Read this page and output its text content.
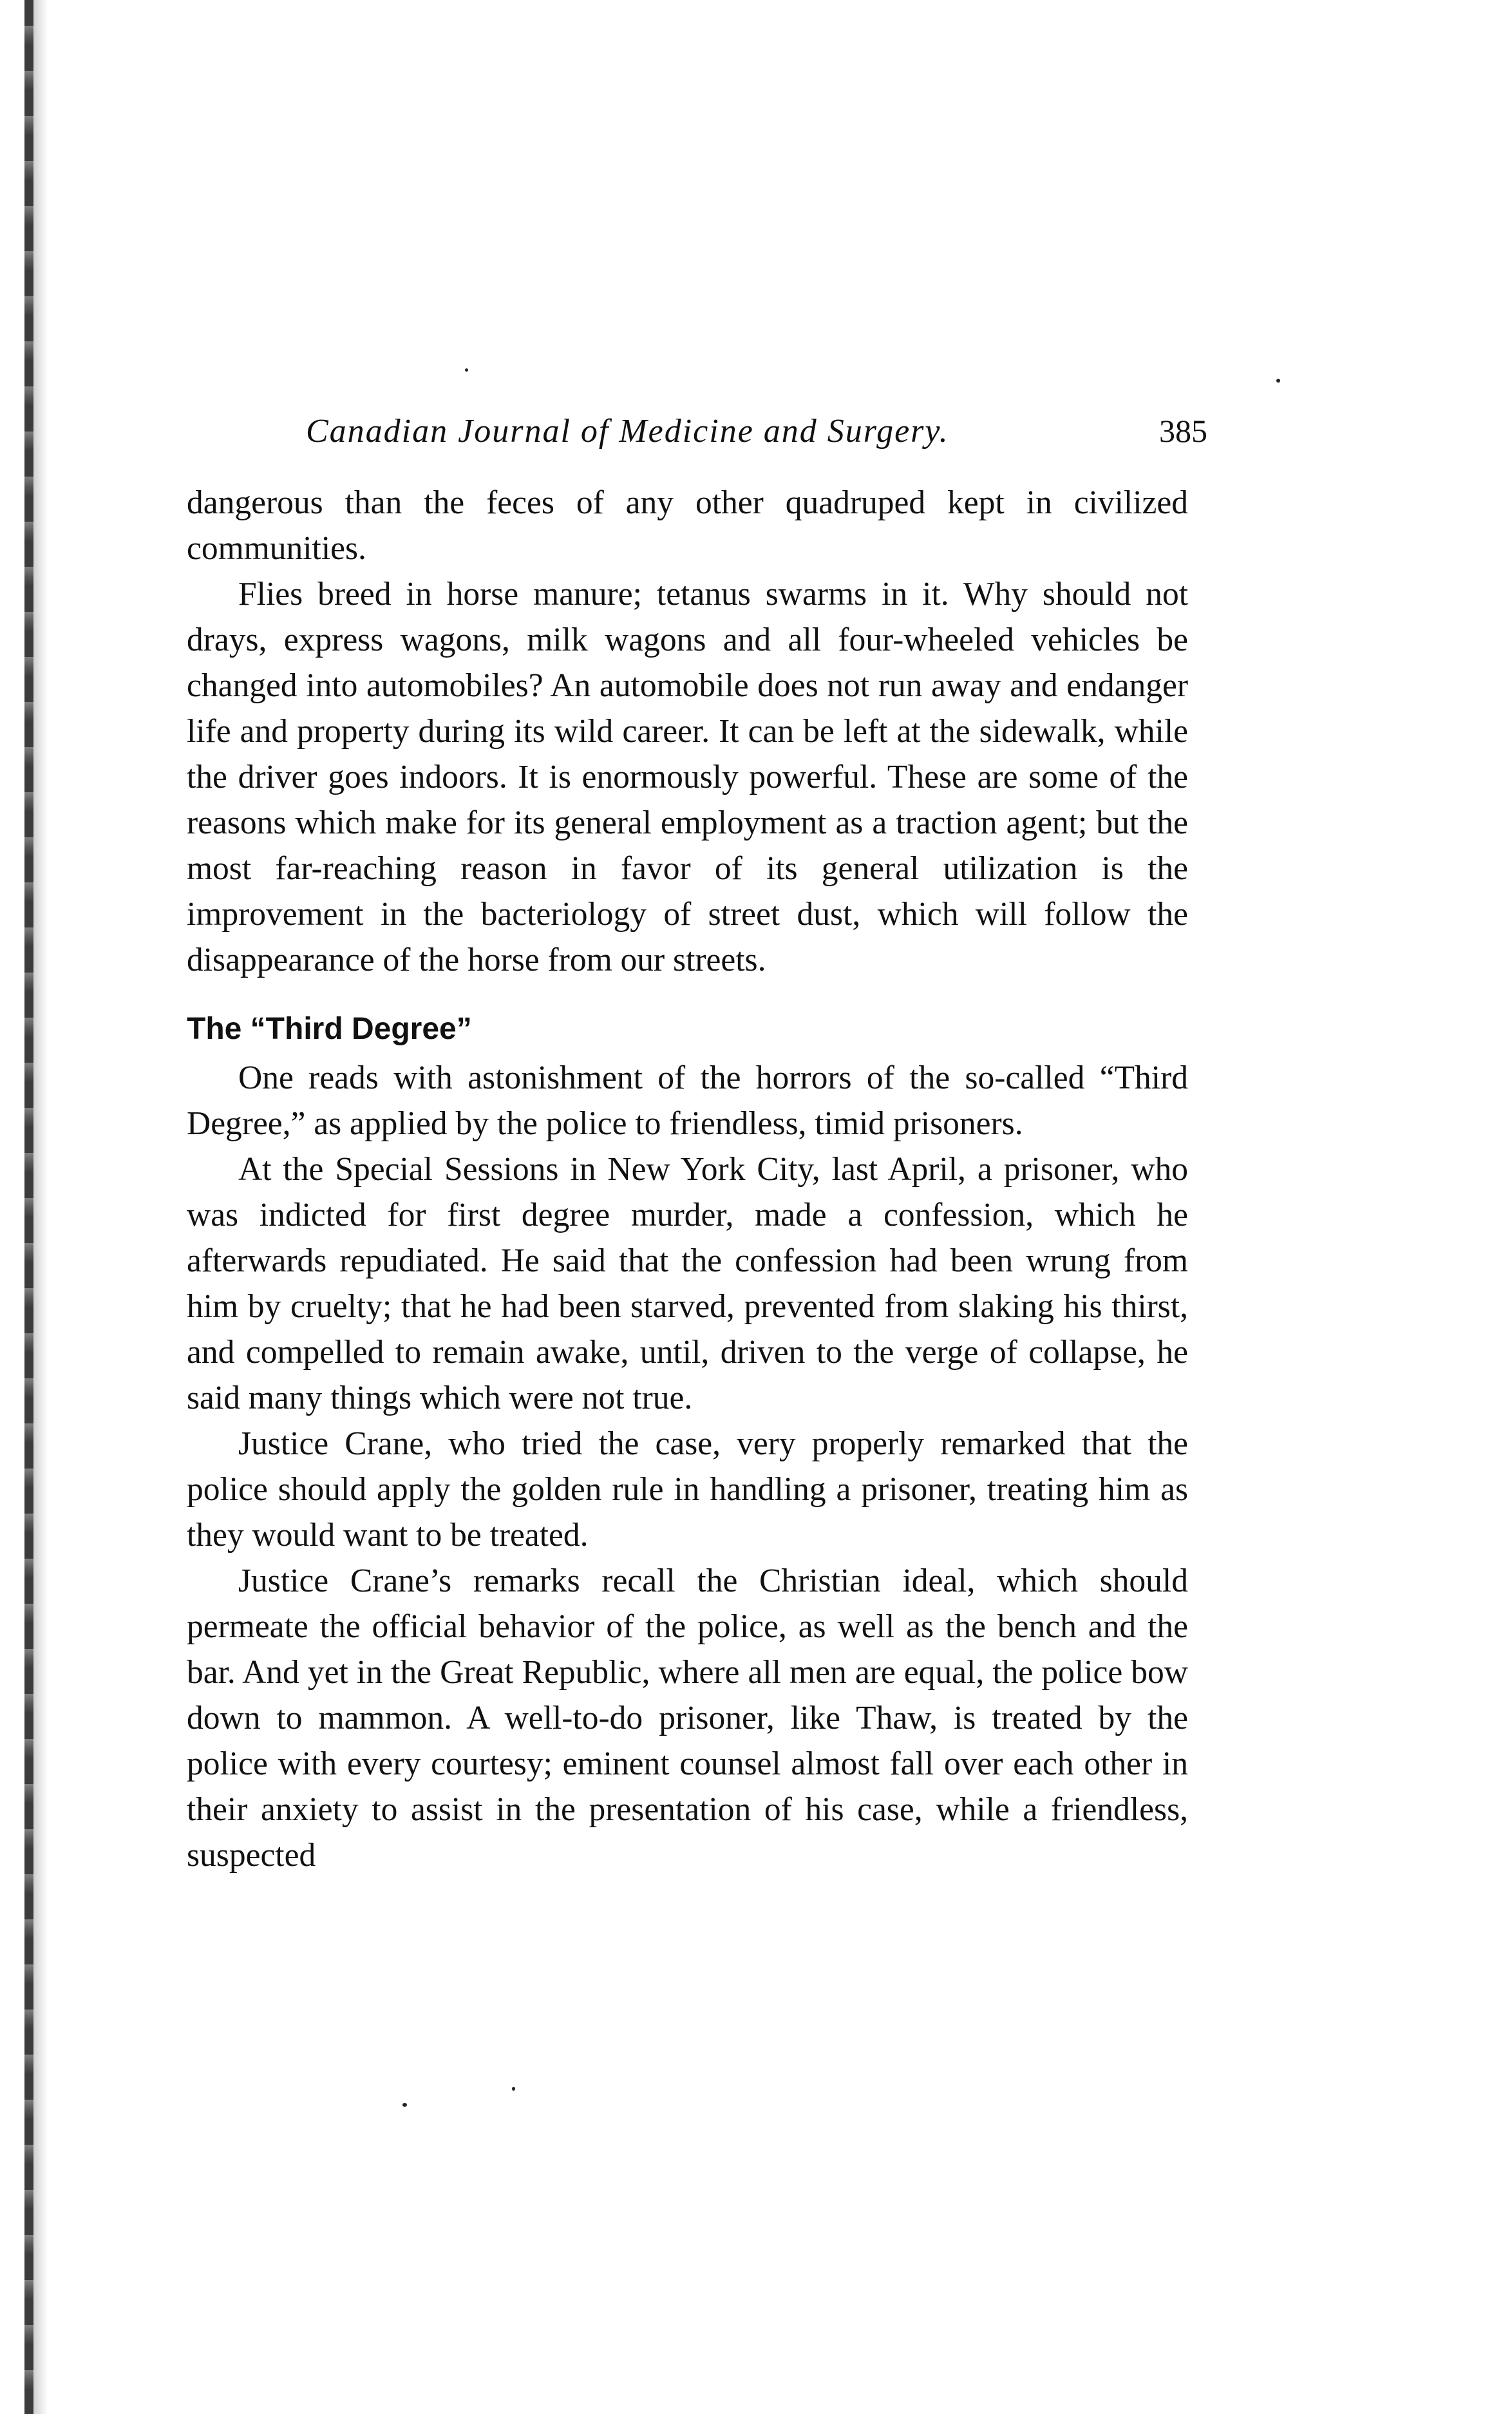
Canadian Journal of Medicine and Surgery.	385

dangerous than the feces of any other quadruped kept in civilized communities.

Flies breed in horse manure; tetanus swarms in it. Why should not drays, express wagons, milk wagons and all four-wheeled vehicles be changed into automobiles? An automobile does not run away and endanger life and property during its wild career. It can be left at the sidewalk, while the driver goes indoors. It is enormously powerful. These are some of the reasons which make for its general employment as a traction agent; but the most far-reaching reason in favor of its general utilization is the improvement in the bacteriology of street dust, which will follow the disappearance of the horse from our streets.

The “Third Degree”

One reads with astonishment of the horrors of the so-called “Third Degree,” as applied by the police to friendless, timid prisoners.

At the Special Sessions in New York City, last April, a prisoner, who was indicted for first degree murder, made a confession, which he afterwards repudiated. He said that the confession had been wrung from him by cruelty; that he had been starved, prevented from slaking his thirst, and compelled to remain awake, until, driven to the verge of collapse, he said many things which were not true.

Justice Crane, who tried the case, very properly remarked that the police should apply the golden rule in handling a prisoner, treating him as they would want to be treated.

Justice Crane’s remarks recall the Christian ideal, which should permeate the official behavior of the police, as well as the bench and the bar. And yet in the Great Republic, where all men are equal, the police bow down to mammon. A well-to-do prisoner, like Thaw, is treated by the police with every courtesy; eminent counsel almost fall over each other in their anxiety to assist in the presentation of his case, while a friendless, suspected
